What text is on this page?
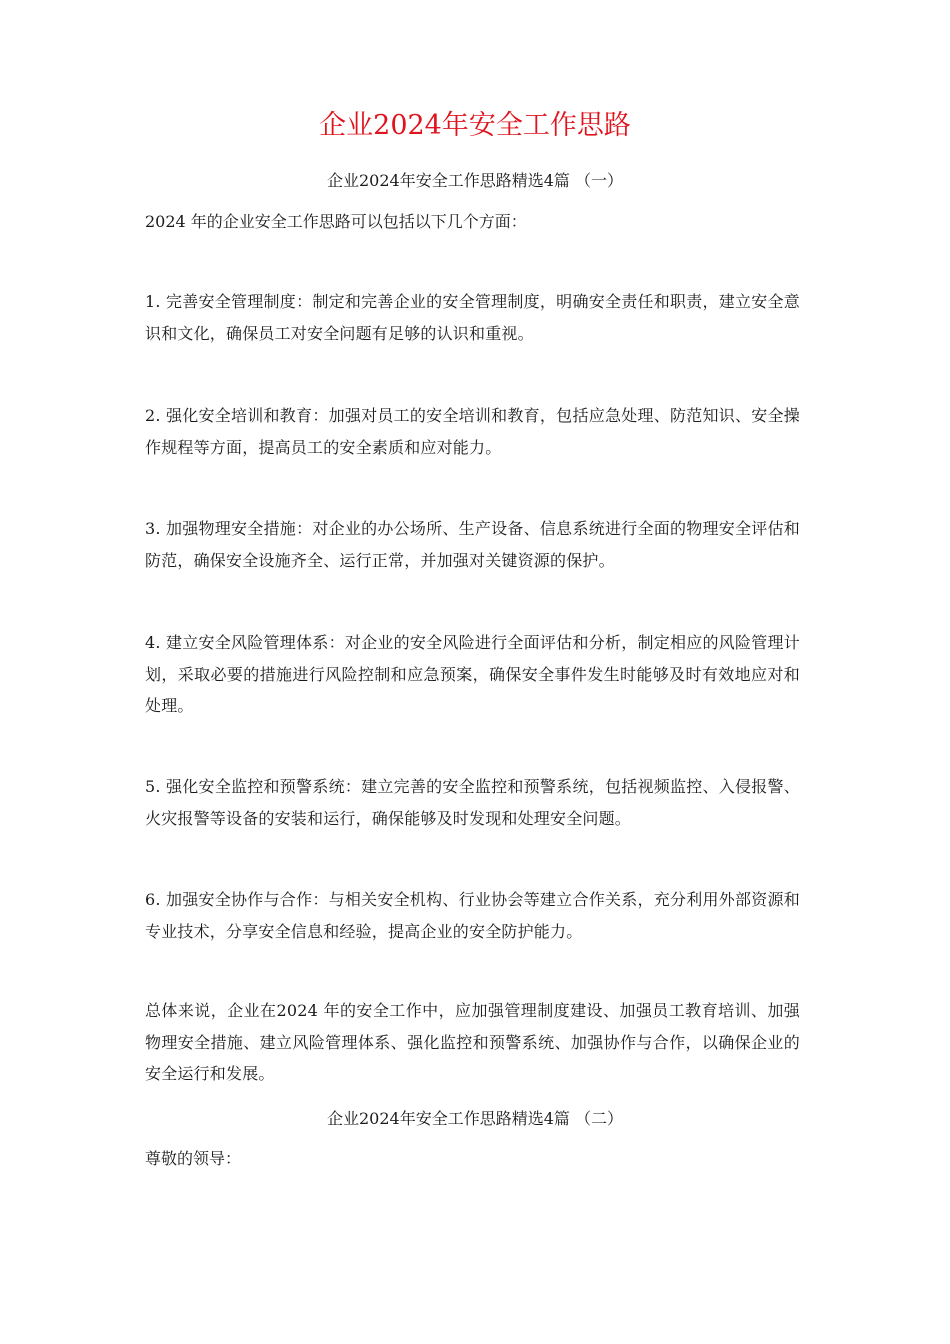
企业2024年安全工作思路
企业2024年安全工作思路精选4篇 （一）
2024 年的企业安全工作思路可以包括以下几个方面：
1. 完善安全管理制度：制定和完善企业的安全管理制度，明确安全责任和职责，建立安全意识和文化，确保员工对安全问题有足够的认识和重视。
2. 强化安全培训和教育：加强对员工的安全培训和教育，包括应急处理、防范知识、安全操作规程等方面，提高员工的安全素质和应对能力。
3. 加强物理安全措施：对企业的办公场所、生产设备、信息系统进行全面的物理安全评估和防范，确保安全设施齐全、运行正常，并加强对关键资源的保护。
4. 建立安全风险管理体系：对企业的安全风险进行全面评估和分析，制定相应的风险管理计划，采取必要的措施进行风险控制和应急预案，确保安全事件发生时能够及时有效地应对和处理。
5. 强化安全监控和预警系统：建立完善的安全监控和预警系统，包括视频监控、入侵报警、火灾报警等设备的安装和运行，确保能够及时发现和处理安全问题。
6. 加强安全协作与合作：与相关安全机构、行业协会等建立合作关系，充分利用外部资源和专业技术，分享安全信息和经验，提高企业的安全防护能力。
总体来说，企业在2024 年的安全工作中，应加强管理制度建设、加强员工教育培训、加强物理安全措施、建立风险管理体系、强化监控和预警系统、加强协作与合作，以确保企业的安全运行和发展。
企业2024年安全工作思路精选4篇 （二）
尊敬的领导：
